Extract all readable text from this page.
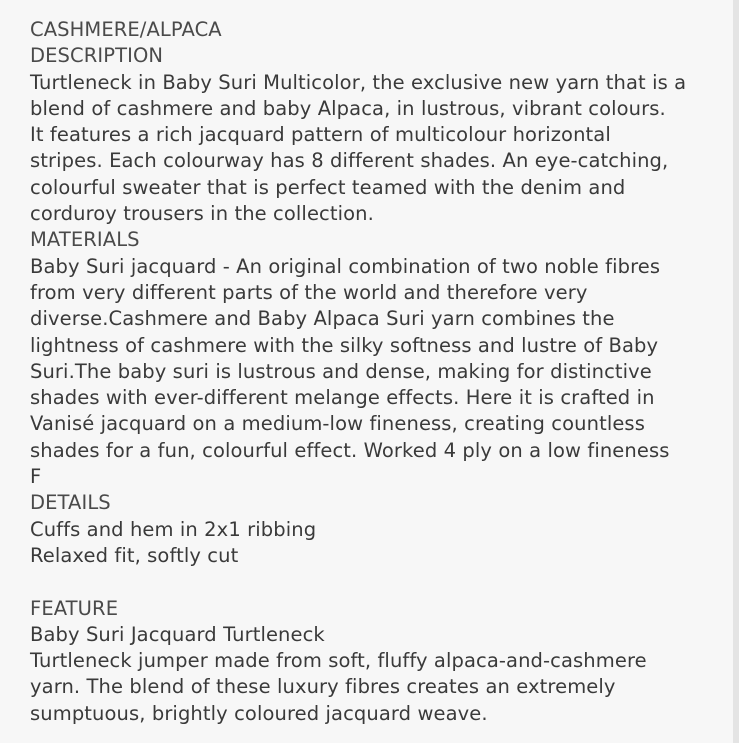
CASHMERE/ALPACA
DESCRIPTION
Turtleneck in Baby Suri Multicolor, the exclusive new yarn that is a
blend of cashmere and baby Alpaca, in lustrous, vibrant colours.
It features a rich jacquard pattern of multicolour horizontal
stripes. Each colourway has 8 different shades. An eye-catching,
colourful sweater that is perfect teamed with the denim and
corduroy trousers in the collection.
MATERIALS
Baby Suri jacquard - An original combination of two noble fibres
from very different parts of the world and therefore very
diverse.Cashmere and Baby Alpaca Suri yarn combines the
lightness of cashmere with the silky softness and lustre of Baby
Suri.The baby suri is lustrous and dense, making for distinctive
shades with ever-different melange effects. Here it is crafted in
Vanisé jacquard on a medium-low fineness, creating countless
shades for a fun, colourful effect. Worked 4 ply on a low fineness
F
DETAILS
Cuffs and hem in 2x1 ribbing
Relaxed fit, softly cut
FEATURE
Baby Suri Jacquard Turtleneck
Turtleneck jumper made from soft, fluffy alpaca-and-cashmere
yarn. The blend of these luxury fibres creates an extremely
sumptuous, brightly coloured jacquard weave.
